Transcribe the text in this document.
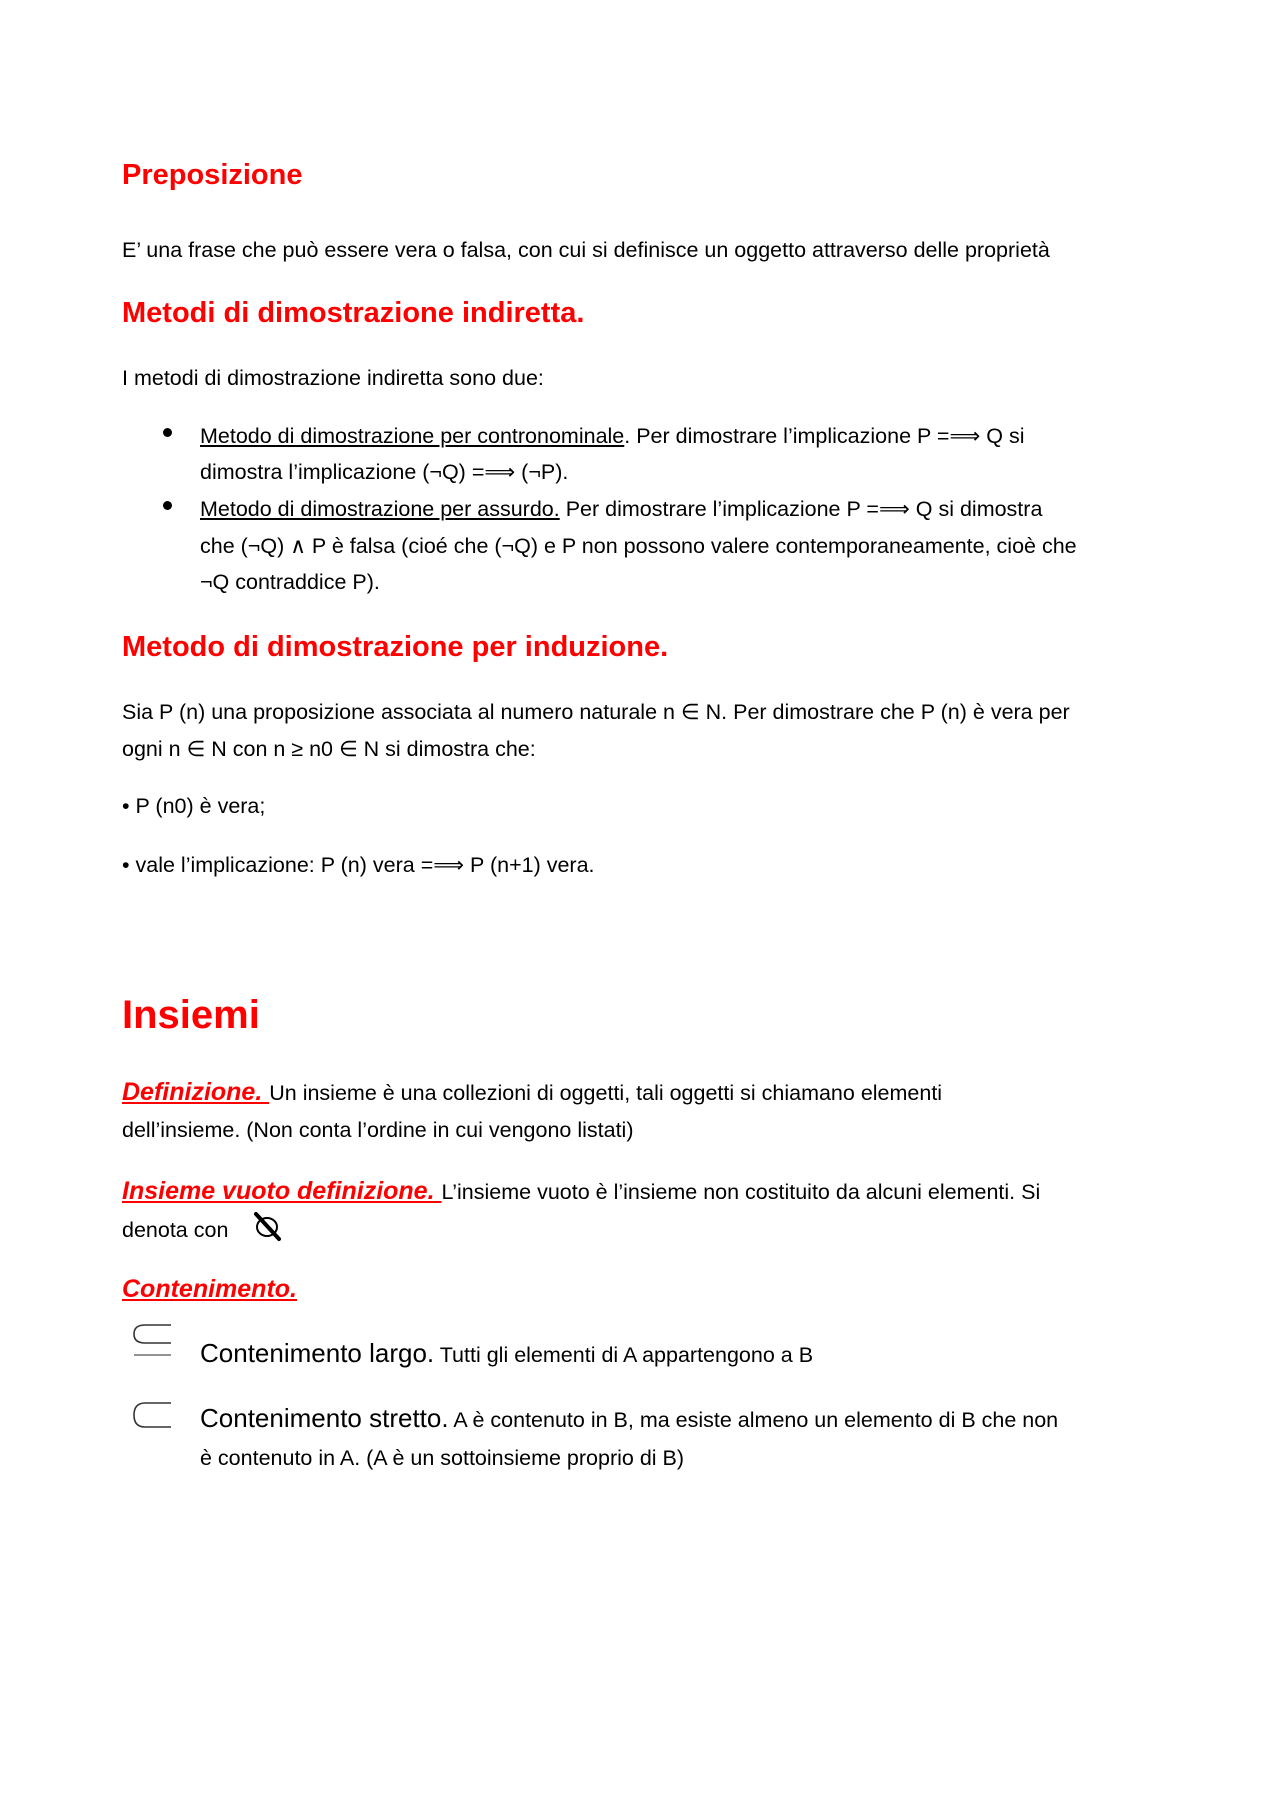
Preposizione
E’ una frase che può essere vera o falsa, con cui si definisce un oggetto attraverso delle proprietà
Metodi di dimostrazione indiretta.
I metodi di dimostrazione indiretta sono due:
Metodo di dimostrazione per contronominale. Per dimostrare l’implicazione P =⟹ Q si
dimostra l’implicazione (¬Q) =⟹ (¬P).
Metodo di dimostrazione per assurdo. Per dimostrare l’implicazione P =⟹ Q si dimostra
che (¬Q) ∧ P è falsa (cioé che (¬Q) e P non possono valere contemporaneamente, cioè che
¬Q contraddice P).
Metodo di dimostrazione per induzione.
Sia P (n) una proposizione associata al numero naturale n ∈ N. Per dimostrare che P (n) è vera per
ogni n ∈ N con n ≥ n0 ∈ N si dimostra che:
• P (n0) è vera;
• vale l’implicazione: P (n) vera =⟹ P (n+1) vera.
Insiemi
Definizione. Un insieme è una collezioni di oggetti, tali oggetti si chiamano elementi
dell’insieme. (Non conta l’ordine in cui vengono listati)
Insieme vuoto definizione. L’insieme vuoto è l’insieme non costituito da alcuni elementi. Si
denota con
Contenimento.
Contenimento largo. Tutti gli elementi di A appartengono a B
Contenimento stretto. A è contenuto in B, ma esiste almeno un elemento di B che non
è contenuto in A. (A è un sottoinsieme proprio di B)
